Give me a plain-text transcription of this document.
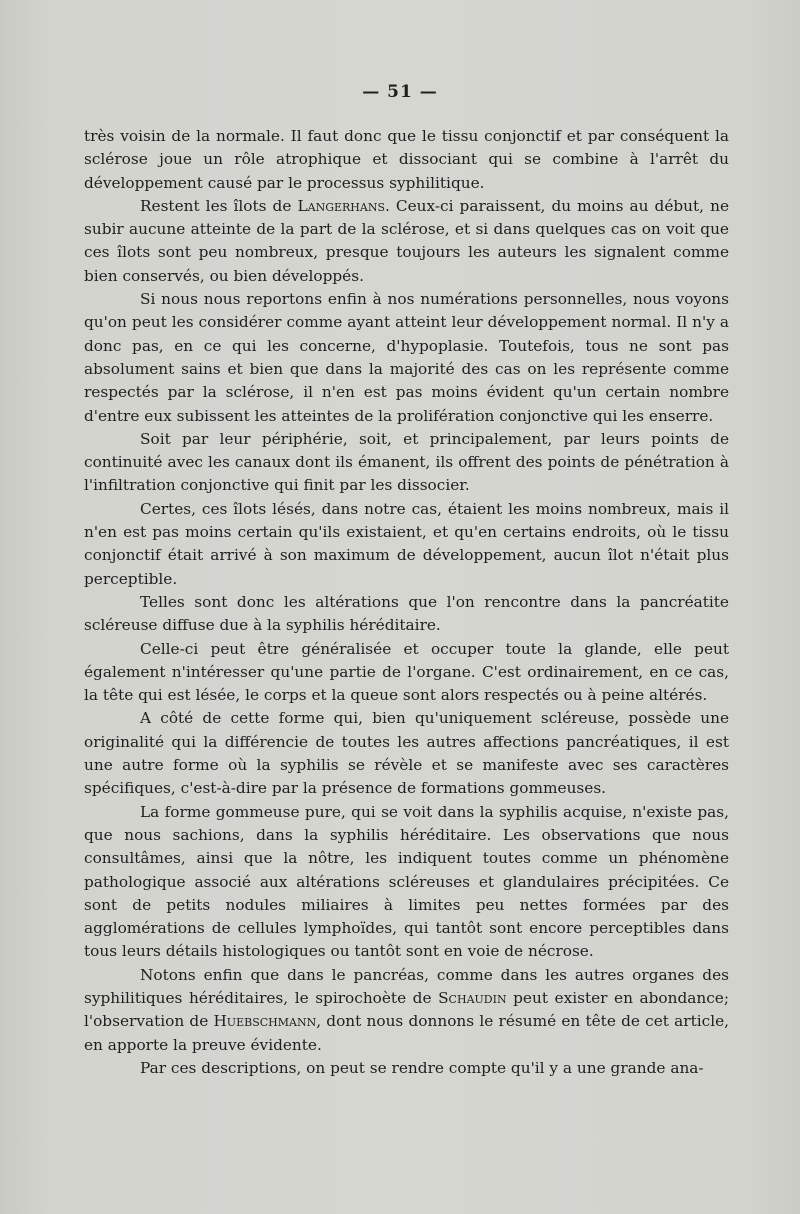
— 51 —

très voisin de la normale. Il faut donc que le tissu conjonctif et par conséquent la sclérose joue un rôle atrophique et dissociant qui se combine à l'arrêt du développement causé par le processus syphilitique.

Restent les îlots de Langerhans. Ceux-ci paraissent, du moins au début, ne subir aucune atteinte de la part de la sclérose, et si dans quelques cas on voit que ces îlots sont peu nombreux, presque toujours les auteurs les signalent comme bien conservés, ou bien développés.

Si nous nous reportons enfin à nos numérations personnelles, nous voyons qu'on peut les considérer comme ayant atteint leur développement normal. Il n'y a donc pas, en ce qui les concerne, d'hypoplasie. Toutefois, tous ne sont pas absolument sains et bien que dans la majorité des cas on les représente comme respectés par la sclérose, il n'en est pas moins évident qu'un certain nombre d'entre eux subissent les atteintes de la prolifération conjonctive qui les enserre.

Soit par leur périphérie, soit, et principalement, par leurs points de continuité avec les canaux dont ils émanent, ils offrent des points de pénétration à l'infiltration conjonctive qui finit par les dissocier.

Certes, ces îlots lésés, dans notre cas, étaient les moins nombreux, mais il n'en est pas moins certain qu'ils existaient, et qu'en certains endroits, où le tissu conjonctif était arrivé à son maximum de développement, aucun îlot n'était plus perceptible.

Telles sont donc les altérations que l'on rencontre dans la pancréatite scléreuse diffuse due à la syphilis héréditaire.

Celle-ci peut être généralisée et occuper toute la glande, elle peut également n'intéresser qu'une partie de l'organe. C'est ordinairement, en ce cas, la tête qui est lésée, le corps et la queue sont alors respectés ou à peine altérés.

A côté de cette forme qui, bien qu'uniquement scléreuse, possède une originalité qui la différencie de toutes les autres affections pancréatiques, il est une autre forme où la syphilis se révèle et se manifeste avec ses caractères spécifiques, c'est-à-dire par la présence de formations gommeuses.

La forme gommeuse pure, qui se voit dans la syphilis acquise, n'existe pas, que nous sachions, dans la syphilis héréditaire. Les observations que nous consultâmes, ainsi que la nôtre, les indiquent toutes comme un phénomène pathologique associé aux altérations scléreuses et glandulaires précipitées. Ce sont de petits nodules miliaires à limites peu nettes formées par des agglomérations de cellules lymphoïdes, qui tantôt sont encore perceptibles dans tous leurs détails histologiques ou tantôt sont en voie de nécrose.

Notons enfin que dans le pancréas, comme dans les autres organes des syphilitiques héréditaires, le spirochoète de Schaudin peut exister en abondance; l'observation de Huebschmann, dont nous donnons le résumé en tête de cet article, en apporte la preuve évidente.

Par ces descriptions, on peut se rendre compte qu'il y a une grande ana-
